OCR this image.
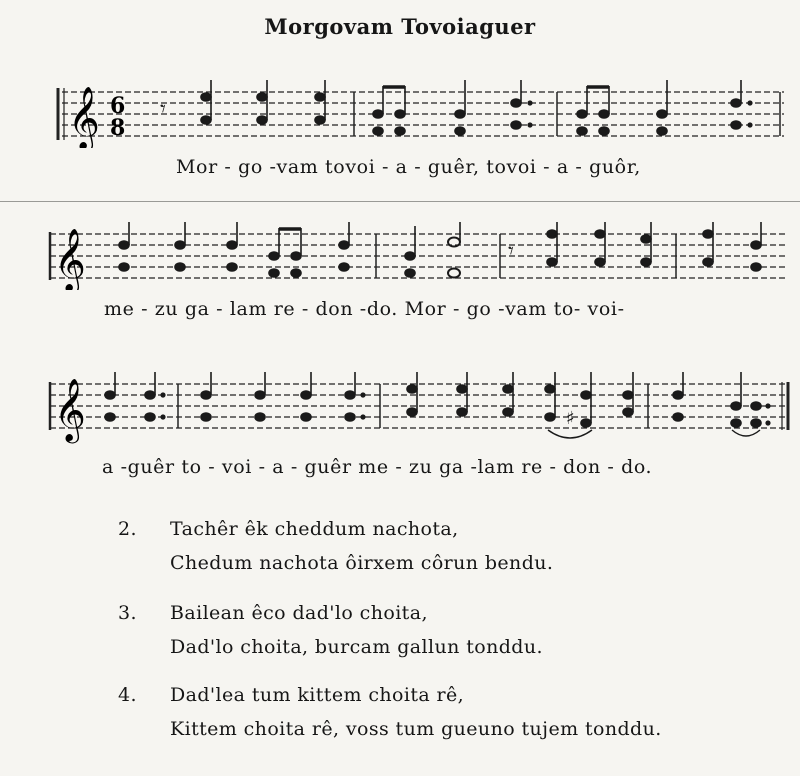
Morgovam Tovoiaguer
𝄞 6
8
𝄾
Mor - go -vam tovoi - a - guêr, tovoi - a - guôr,
𝄞	𝄾
me - zu ga - lam re - don -do. Mor - go -vam to- voi-
𝄞	♯
a -guêr to - voi - a - guêr me - zu ga -lam re - don - do.
2. Tachêr êk cheddum nachota,
Chedum nachota ôirxem côrun bendu.
3. Bailean êco dad'lo choita,
Dad'lo choita, burcam gallun tonddu.
4. Dad'lea tum kittem choita rê,
Kittem choita rê, voss tum gueuno tujem tonddu.
